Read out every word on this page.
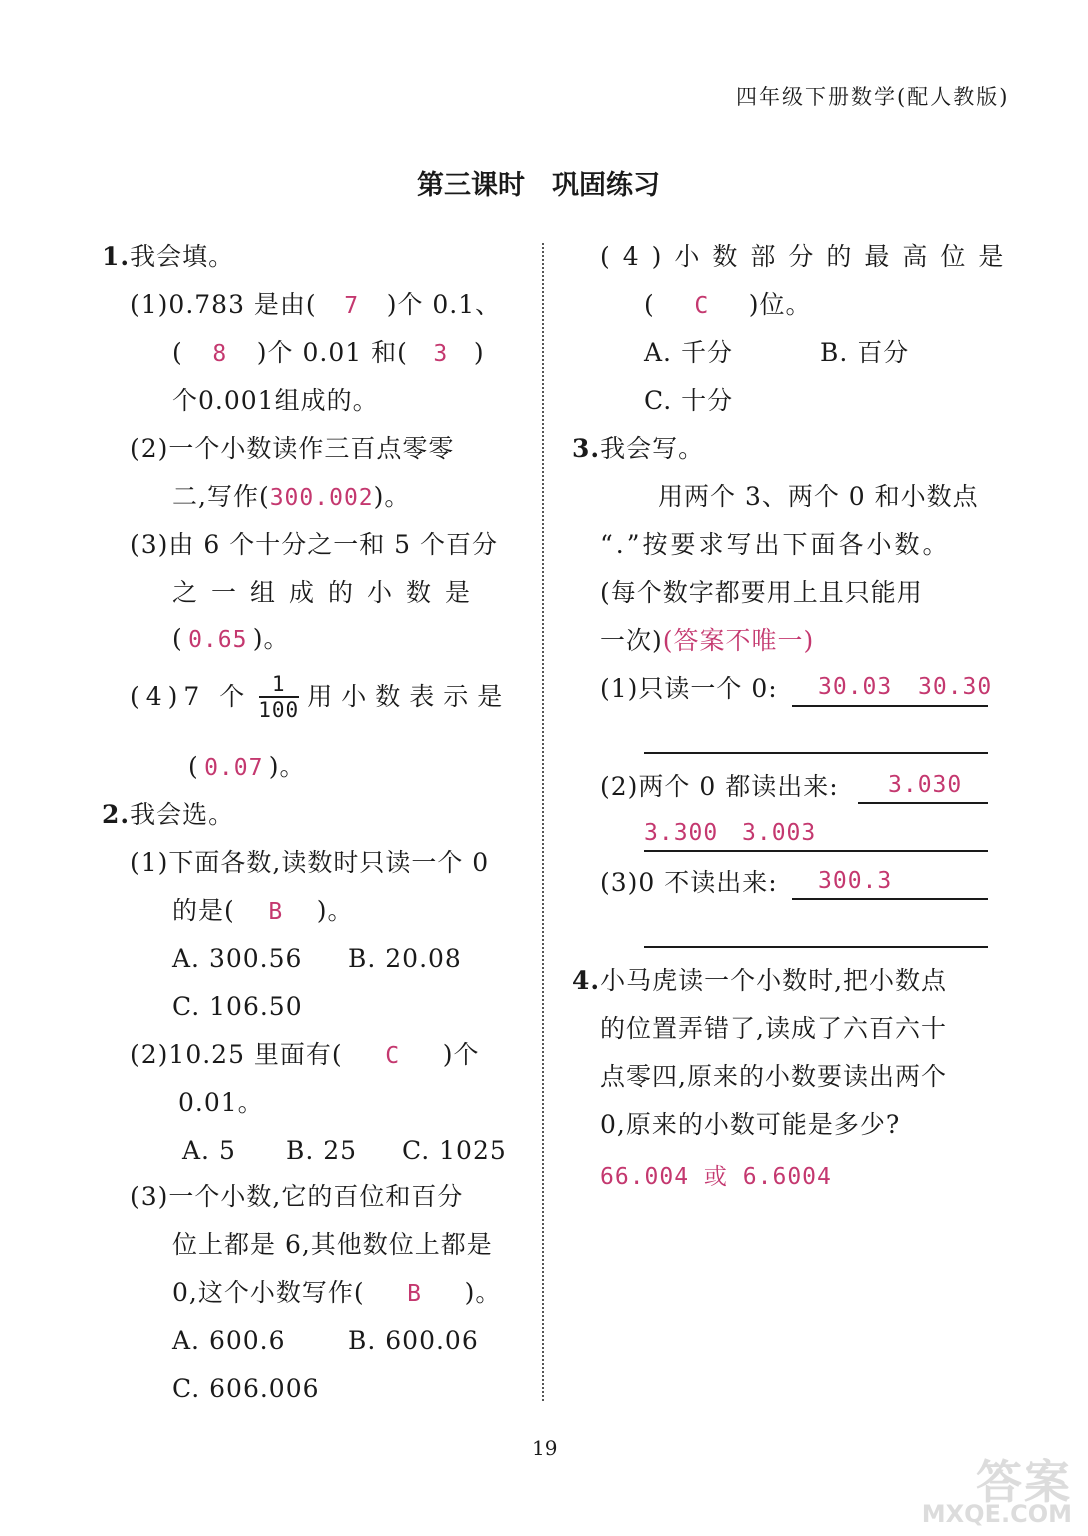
四年级下册数学(配人教版)
第三课时　巩固练习
1.我会填。
(1)0.783 是由( 7 )个 0.1、
( 8 )个 0.01 和( 3 )
个0.001组成的。
(2)一个小数读作三百点零零
二,写作(300.002)。
(3)由 6 个十分之一和 5 个百分
之一组成的小数是
( 0.65 )。
(4)7 个 $\frac{1}{100}$ 用小数表示是
( 0.07 )。
2.我会选。
(1)下面各数,读数时只读一个 0
的是( B )。
A. 300.56 B. 20.08
C. 106.50
(2)10.25 里面有( C )个
0.01。
A. 5 B. 25 C. 1025
(3)一个小数,它的百位和百分
位上都是 6,其他数位上都是
0,这个小数写作( B )。
A. 600.6 B. 600.06
C. 606.006
(4)小数部分的最高位是
( C )位。
A. 千分	B. 百分
C. 十分
3.我会写。
用两个 3、两个 0 和小数点
“.”按要求写出下面各小数。
(每个数字都要用上且只能用
一次)(答案不唯一)
(1)只读一个 0: 30.03 30.30
(2)两个 0 都读出来: 3.030
3.300 3.003
(3)0 不读出来: 300.3
4.小马虎读一个小数时,把小数点
的位置弄错了,读成了六百六十
点零四,原来的小数要读出两个
0,原来的小数可能是多少?
66.004 或 6.6004
19
答案
MXQE.COM
